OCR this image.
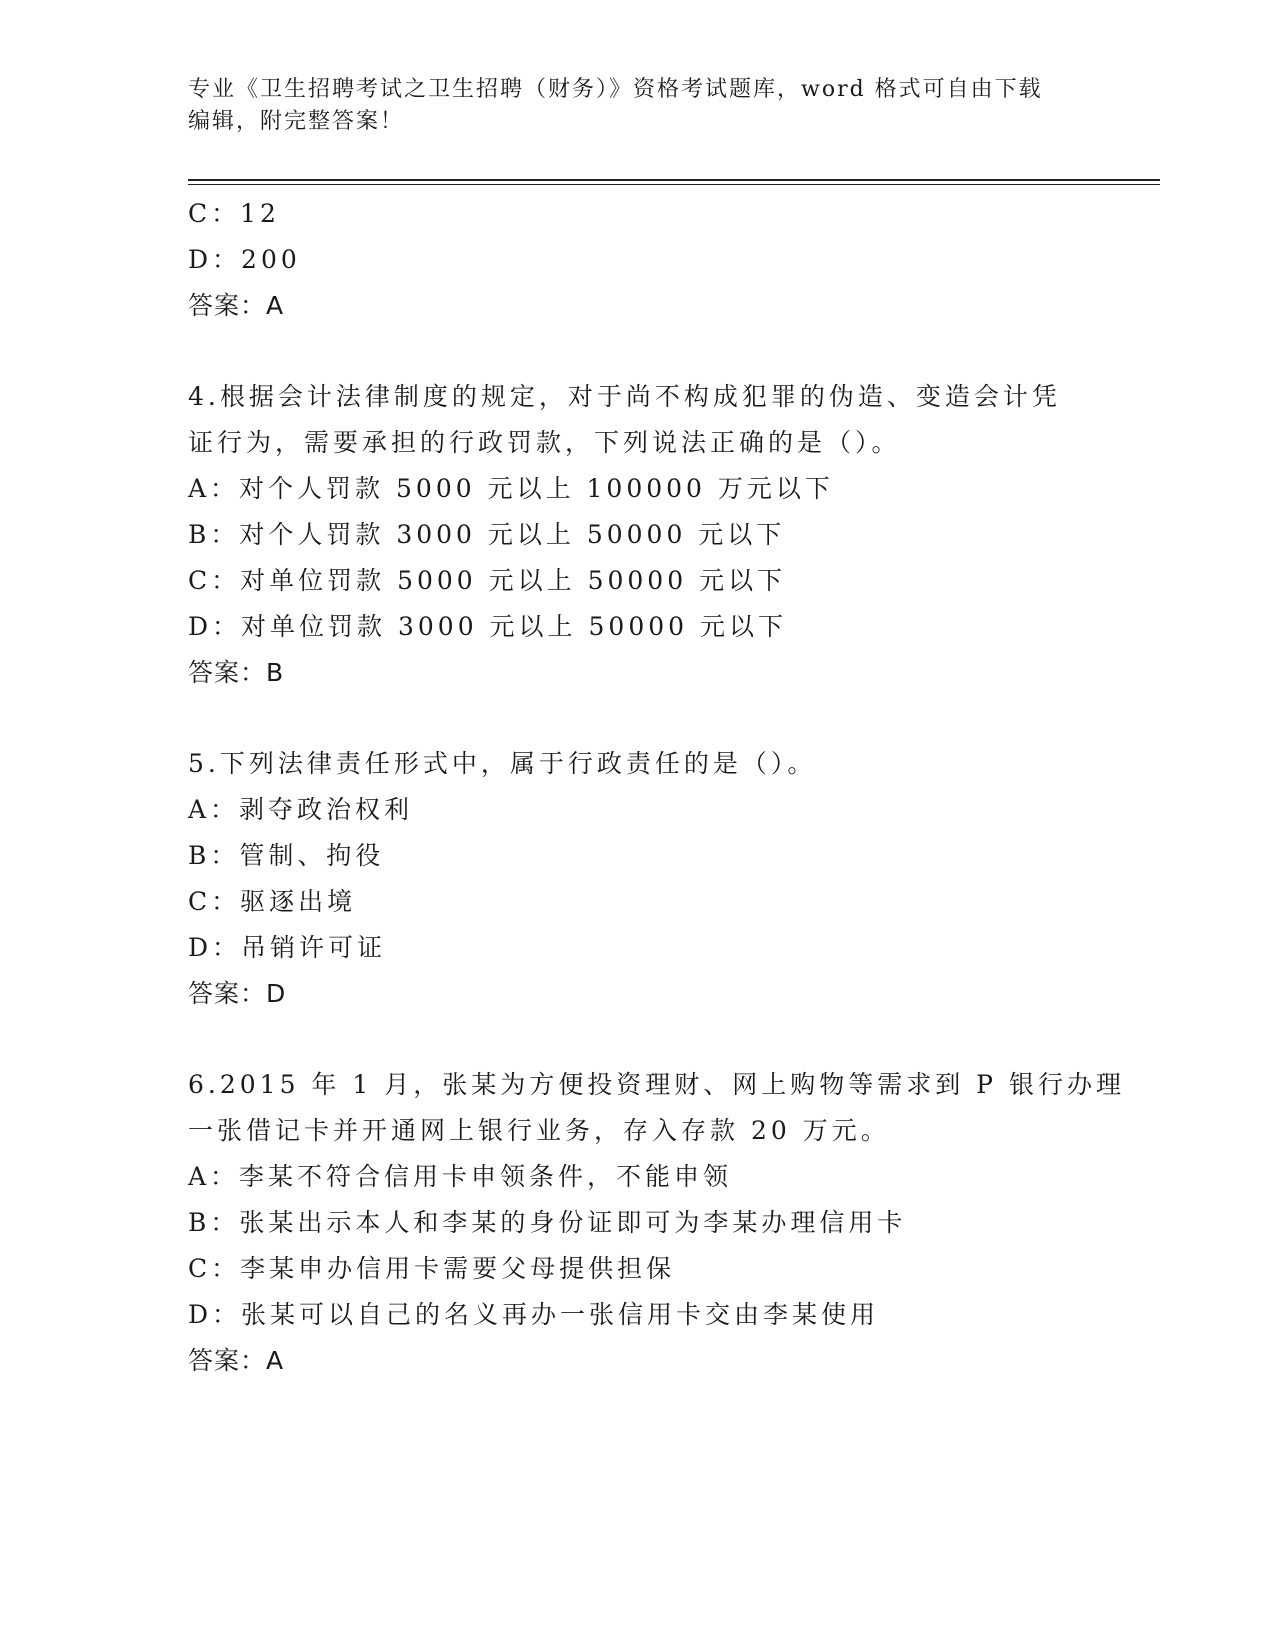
专业《卫生招聘考试之卫生招聘（财务）》资格考试题库，word 格式可自由下载
编辑，附完整答案！
C：12
D：200
答案：A
4.根据会计法律制度的规定，对于尚不构成犯罪的伪造、变造会计凭
证行为，需要承担的行政罚款，下列说法正确的是（）。
A：对个人罚款 5000 元以上 100000 万元以下
B：对个人罚款 3000 元以上 50000 元以下
C：对单位罚款 5000 元以上 50000 元以下
D：对单位罚款 3000 元以上 50000 元以下
答案：B
5.下列法律责任形式中，属于行政责任的是（）。
A：剥夺政治权利
B：管制、拘役
C：驱逐出境
D：吊销许可证
答案：D
6.2015 年 1 月，张某为方便投资理财、网上购物等需求到 P 银行办理
一张借记卡并开通网上银行业务，存入存款 20 万元。
A：李某不符合信用卡申领条件，不能申领
B：张某出示本人和李某的身份证即可为李某办理信用卡
C：李某申办信用卡需要父母提供担保
D：张某可以自己的名义再办一张信用卡交由李某使用
答案：A
